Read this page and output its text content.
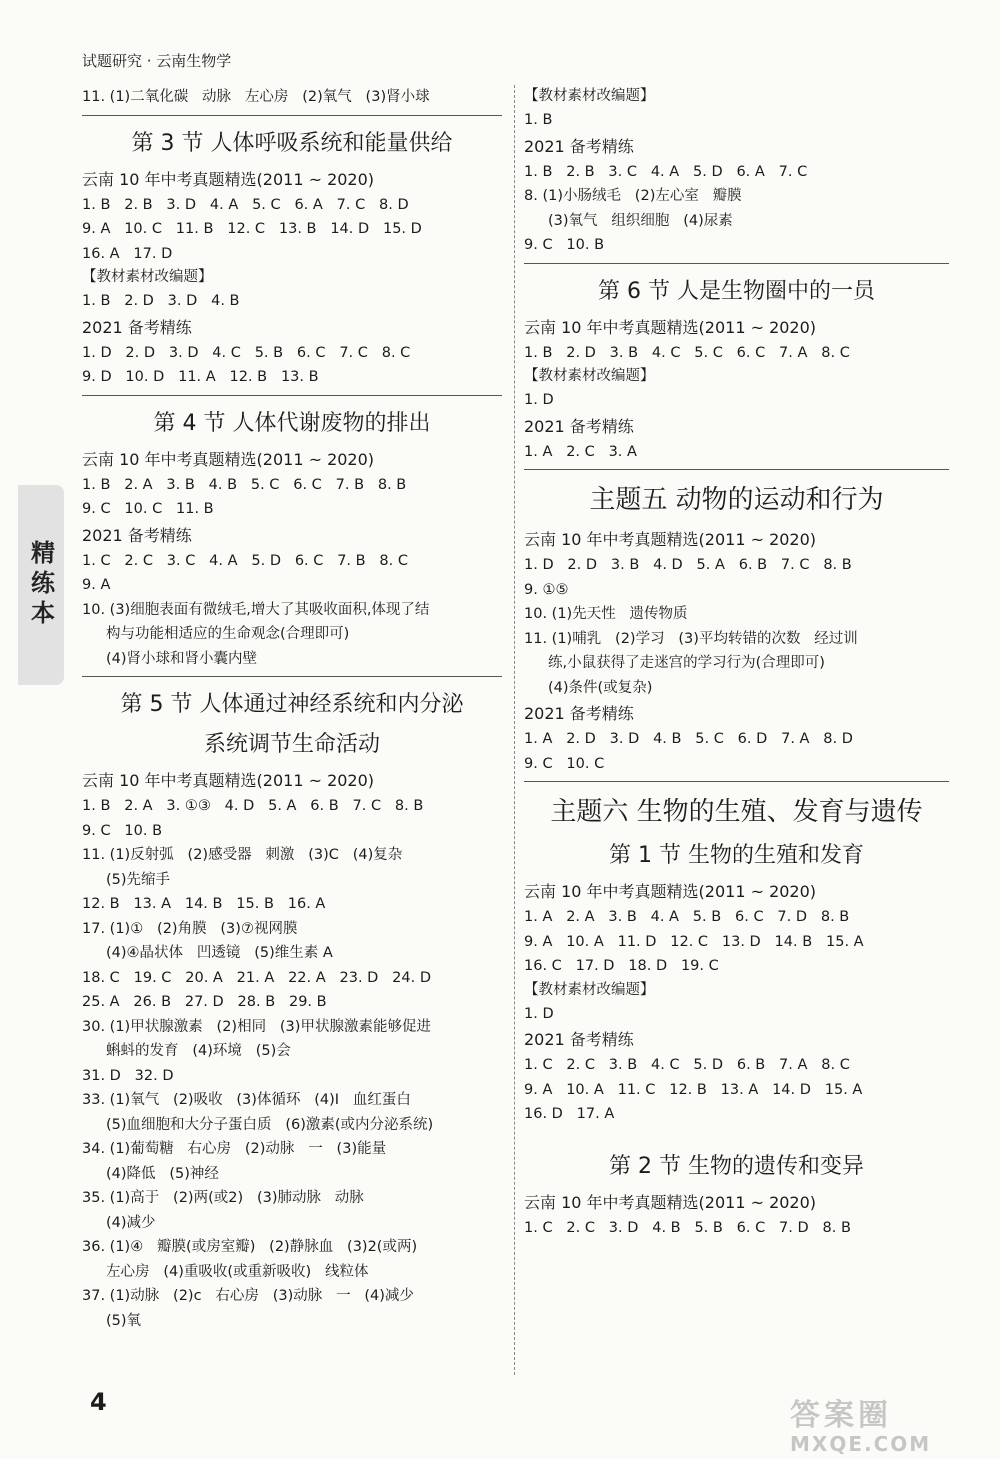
试题研究 · 云南生物学
精练本
11. (1)二氧化碳   动脉   左心房   (2)氧气   (3)肾小球
第 3 节 人体呼吸系统和能量供给
云南 10 年中考真题精选(2011 ~ 2020)
1. B   2. B   3. D   4. A   5. C   6. A   7. C   8. D
9. A   10. C   11. B   12. C   13. B   14. D   15. D
16. A   17. D
【教材素材改编题】
1. B   2. D   3. D   4. B
2021 备考精练
1. D   2. D   3. D   4. C   5. B   6. C   7. C   8. C
9. D   10. D   11. A   12. B   13. B
第 4 节 人体代谢废物的排出
云南 10 年中考真题精选(2011 ~ 2020)
1. B   2. A   3. B   4. B   5. C   6. C   7. B   8. B
9. C   10. C   11. B
2021 备考精练
1. C   2. C   3. C   4. A   5. D   6. C   7. B   8. C
9. A
10. (3)细胞表面有微绒毛,增大了其吸收面积,体现了结
构与功能相适应的生命观念(合理即可)
(4)肾小球和肾小囊内壁
第 5 节 人体通过神经系统和内分泌
系统调节生命活动
云南 10 年中考真题精选(2011 ~ 2020)
1. B   2. A   3. ①③   4. D   5. A   6. B   7. C   8. B
9. C   10. B
11. (1)反射弧   (2)感受器   刺激   (3)C   (4)复杂
(5)先缩手
12. B   13. A   14. B   15. B   16. A
17. (1)①   (2)角膜   (3)⑦视网膜
(4)④晶状体   凹透镜   (5)维生素 A
18. C   19. C   20. A   21. A   22. A   23. D   24. D
25. A   26. B   27. D   28. B   29. B
30. (1)甲状腺激素   (2)相同   (3)甲状腺激素能够促进
蝌蚪的发育   (4)环境   (5)会
31. D   32. D
33. (1)氧气   (2)吸收   (3)体循环   (4)Ⅰ   血红蛋白
(5)血细胞和大分子蛋白质   (6)激素(或内分泌系统)
34. (1)葡萄糖   右心房   (2)动脉   一   (3)能量
(4)降低   (5)神经
35. (1)高于   (2)两(或2)   (3)肺动脉   动脉
(4)减少
36. (1)④   瓣膜(或房室瓣)   (2)静脉血   (3)2(或两)
左心房   (4)重吸收(或重新吸收)   线粒体
37. (1)动脉   (2)c   右心房   (3)动脉   一   (4)减少
(5)氧
【教材素材改编题】
1. B
2021 备考精练
1. B   2. B   3. C   4. A   5. D   6. A   7. C
8. (1)小肠绒毛   (2)左心室   瓣膜
(3)氧气   组织细胞   (4)尿素
9. C   10. B
第 6 节 人是生物圈中的一员
云南 10 年中考真题精选(2011 ~ 2020)
1. B   2. D   3. B   4. C   5. C   6. C   7. A   8. C
【教材素材改编题】
1. D
2021 备考精练
1. A   2. C   3. A
主题五 动物的运动和行为
云南 10 年中考真题精选(2011 ~ 2020)
1. D   2. D   3. B   4. D   5. A   6. B   7. C   8. B
9. ①⑤
10. (1)先天性   遗传物质
11. (1)哺乳   (2)学习   (3)平均转错的次数   经过训
练,小鼠获得了走迷宫的学习行为(合理即可)
(4)条件(或复杂)
2021 备考精练
1. A   2. D   3. D   4. B   5. C   6. D   7. A   8. D
9. C   10. C
主题六 生物的生殖、发育与遗传
第 1 节 生物的生殖和发育
云南 10 年中考真题精选(2011 ~ 2020)
1. A   2. A   3. B   4. A   5. B   6. C   7. D   8. B
9. A   10. A   11. D   12. C   13. D   14. B   15. A
16. C   17. D   18. D   19. C
【教材素材改编题】
1. D
2021 备考精练
1. C   2. C   3. B   4. C   5. D   6. B   7. A   8. C
9. A   10. A   11. C   12. B   13. A   14. D   15. A
16. D   17. A
第 2 节 生物的遗传和变异
云南 10 年中考真题精选(2011 ~ 2020)
1. C   2. C   3. D   4. B   5. B   6. C   7. D   8. B
4	答案圈
MXQE.COM
